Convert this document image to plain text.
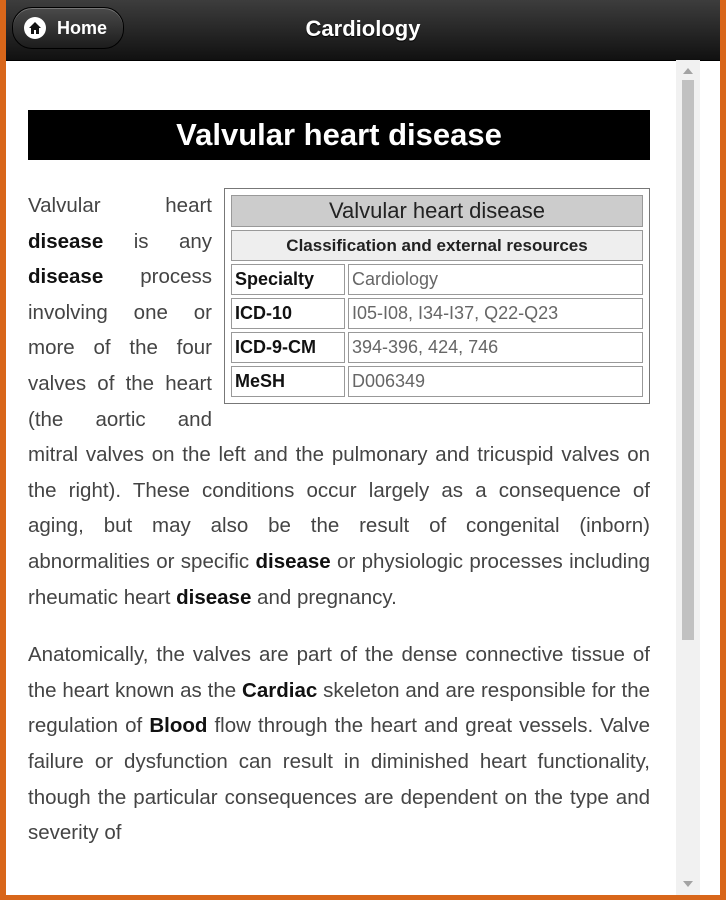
Home	Cardiology
Valvular heart disease
Valvular heart disease	
Classification and external resources	
Specialty	Cardiology
ICD-10	I05-I08, I34-I37, Q22-Q23
ICD-9-CM	394-396, 424, 746
MeSH	D006349

Valvular heart disease is any disease process involving one or more of the four valves of the heart (the aortic and mitral valves on the left and the pulmonary and tricuspid valves on the right). These conditions occur largely as a consequence of aging, but may also be the result of congenital (inborn) abnormalities or specific disease or physiologic processes including rheumatic heart disease and pregnancy.

Anatomically, the valves are part of the dense connective tissue of the heart known as the Cardiac skeleton and are responsible for the regulation of Blood flow through the heart and great vessels. Valve failure or dysfunction can result in diminished heart functionality, though the particular consequences are dependent on the type and severity of
